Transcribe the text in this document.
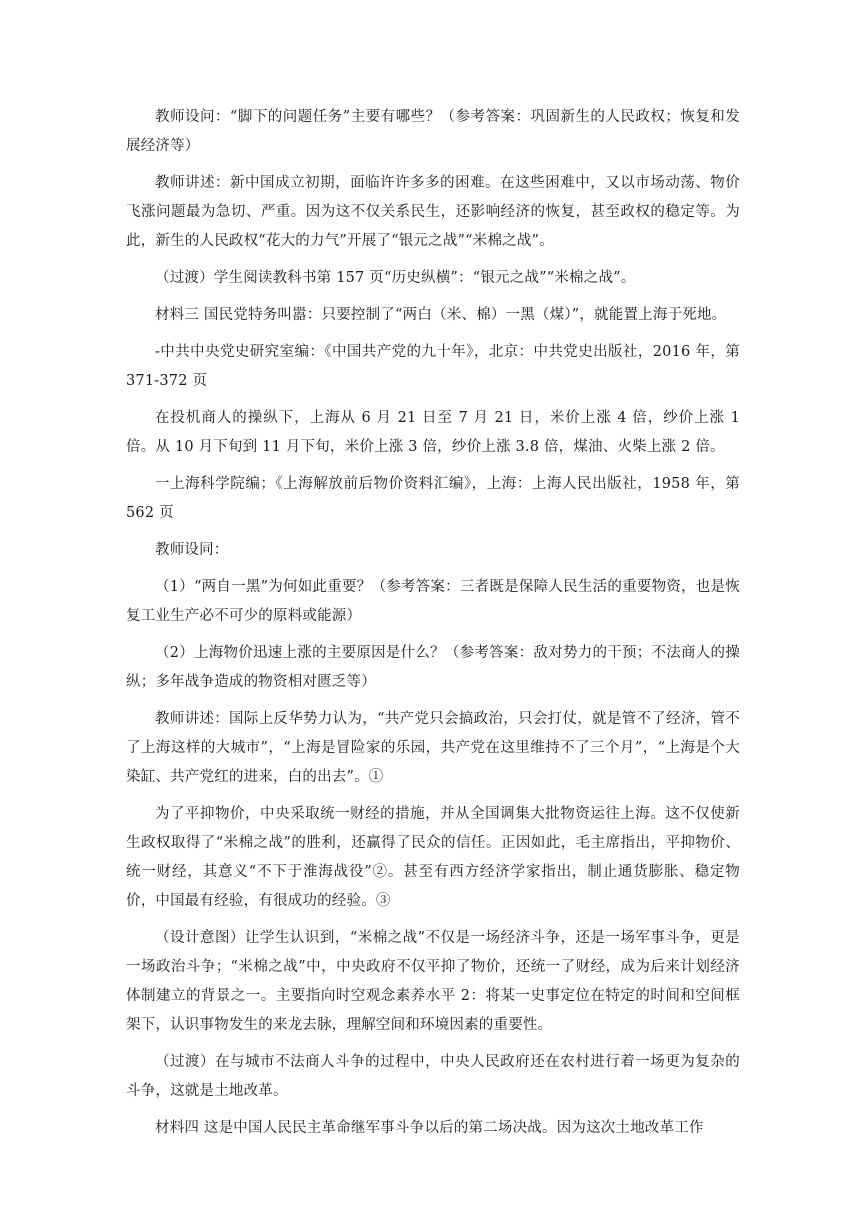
教师设问：“脚下的问题任务”主要有哪些？（参考答案：巩固新生的人民政权；恢复和发展经济等）

教师讲述：新中国成立初期，面临许许多多的困难。在这些困难中，又以市场动荡、物价飞涨问题最为急切、严重。因为这不仅关系民生，还影响经济的恢复，甚至政权的稳定等。为此，新生的人民政权“花大的力气”开展了“银元之战”“米棉之战”。

（过渡）学生阅读教科书第 157 页“历史纵横”：“银元之战”“米棉之战”。

材料三 国民党特务叫嚣：只要控制了“两白（米、棉）一黑（煤）”，就能置上海于死地。

-中共中央党史研究室编：《中国共产党的九十年》，北京：中共党史出版社，2016 年，第 371-372 页

在投机商人的操纵下，上海从 6 月 21 日至 7 月 21 日，米价上涨 4 倍，纱价上涨 1 倍。从 10 月下旬到 11 月下旬，米价上涨 3 倍，纱价上涨 3.8 倍，煤油、火柴上涨 2 倍。

一上海科学院编；《上海解放前后物价资料汇编》，上海：上海人民出版社，1958 年，第 562 页

教师设同：

（1）“两自一黑”为何如此重要？（参考答案：三者既是保障人民生活的重要物资，也是恢复工业生产必不可少的原料或能源）

（2）上海物价迅速上涨的主要原因是什么？（参考答案：敌对势力的干预；不法商人的操纵；多年战争造成的物资相对匮乏等）

教师讲述：国际上反华势力认为，“共产党只会搞政治，只会打仗，就是管不了经济，管不了上海这样的大城市”，“上海是冒险家的乐园，共产党在这里维持不了三个月”，“上海是个大染缸、共产党红的进来，白的出去”。①

为了平抑物价，中央采取统一财经的措施，并从全国调集大批物资运往上海。这不仅使新生政权取得了“米棉之战”的胜利，还赢得了民众的信任。正因如此，毛主席指出，平抑物价、统一财经，其意义“不下于淮海战役”②。甚至有西方经济学家指出，制止通货膨胀、稳定物价，中国最有经验，有很成功的经验。③

（设计意图）让学生认识到，“米棉之战”不仅是一场经济斗争，还是一场军事斗争，更是一场政治斗争；“米棉之战”中，中央政府不仅平抑了物价，还统一了财经，成为后来计划经济体制建立的背景之一。主要指向时空观念素养水平 2：将某一史事定位在特定的时间和空间框架下，认识事物发生的来龙去脉，理解空间和环境因素的重要性。

（过渡）在与城市不法商人斗争的过程中，中央人民政府还在农村进行着一场更为复杂的斗争，这就是土地改革。

材料四 这是中国人民民主革命继军事斗争以后的第二场决战。因为这次土地改革工作
